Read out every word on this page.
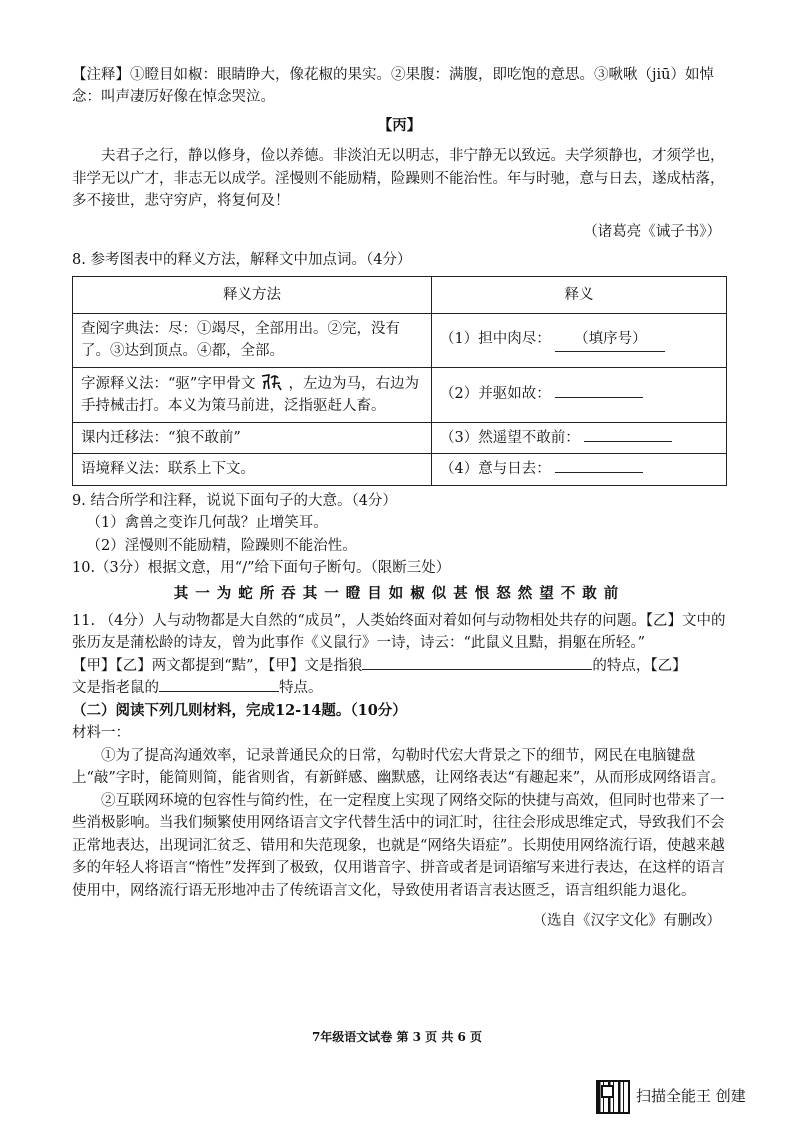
【注释】①瞪目如椒：眼睛睁大，像花椒的果实。②果腹：满腹，即吃饱的意思。③啾啾（jiū）如悼念：叫声凄厉好像在悼念哭泣。

【丙】

夫君子之行，静以修身，俭以养德。非淡泊无以明志，非宁静无以致远。夫学须静也，才须学也，非学无以广才，非志无以成学。淫慢则不能励精，险躁则不能治性。年与时驰，意与日去，遂成枯落，多不接世，悲守穷庐，将复何及！

（诸葛亮《诫子书》）

8. 参考图表中的释义方法，解释文中加点词。（4分）

释义方法	释义
查阅字典法：尽：①竭尽，全部用出。②完，没有了。③达到顶点。④都，全部。	（1）担中肉尽： （填序号）
字源释义法：“驱”字甲骨文 ，左边为马，右边为手持械击打。本义为策马前进，泛指驱赶人畜。	（2）并驱如故：
课内迁移法：“狼不敢前”	（3）然遥望不敢前：
语境释义法：联系上下文。	（4）意与日去：

9. 结合所学和注释，说说下面句子的大意。（4分）

（1）禽兽之变诈几何哉？止增笑耳。

（2）淫慢则不能励精，险躁则不能治性。

10.（3分）根据文意，用“/”给下面句子断句。（限断三处）

其一为蛇所吞其一瞪目如椒似甚恨怒然望不敢前

11. （4分）人与动物都是大自然的“成员”，人类始终面对着如何与动物相处共存的问题。【乙】文中的张历友是蒲松龄的诗友，曾为此事作《义鼠行》一诗，诗云：“此鼠义且黠，捐躯在所轻。”

【甲】【乙】两文都提到“黠”，【甲】文是指狼	的特点，【乙】

文是指老鼠的	特点。

（二）阅读下列几则材料，完成12-14题。（10分）

材料一：

①为了提高沟通效率，记录普通民众的日常，勾勒时代宏大背景之下的细节，网民在电脑键盘上“敲”字时，能简则简，能省则省，有新鲜感、幽默感，让网络表达“有趣起来”，从而形成网络语言。

②互联网环境的包容性与简约性，在一定程度上实现了网络交际的快捷与高效，但同时也带来了一些消极影响。当我们频繁使用网络语言文字代替生活中的词汇时，往往会形成思维定式，导致我们不会正常地表达，出现词汇贫乏、错用和失范现象，也就是“网络失语症”。长期使用网络流行语，使越来越多的年轻人将语言“惰性”发挥到了极致，仅用谐音字、拼音或者是词语缩写来进行表达，在这样的语言使用中，网络流行语无形地冲击了传统语言文化，导致使用者语言表达匮乏，语言组织能力退化。

（选自《汉字文化》有删改）

7年级语文试卷 第 3 页 共 6 页
扫描全能王 创建
